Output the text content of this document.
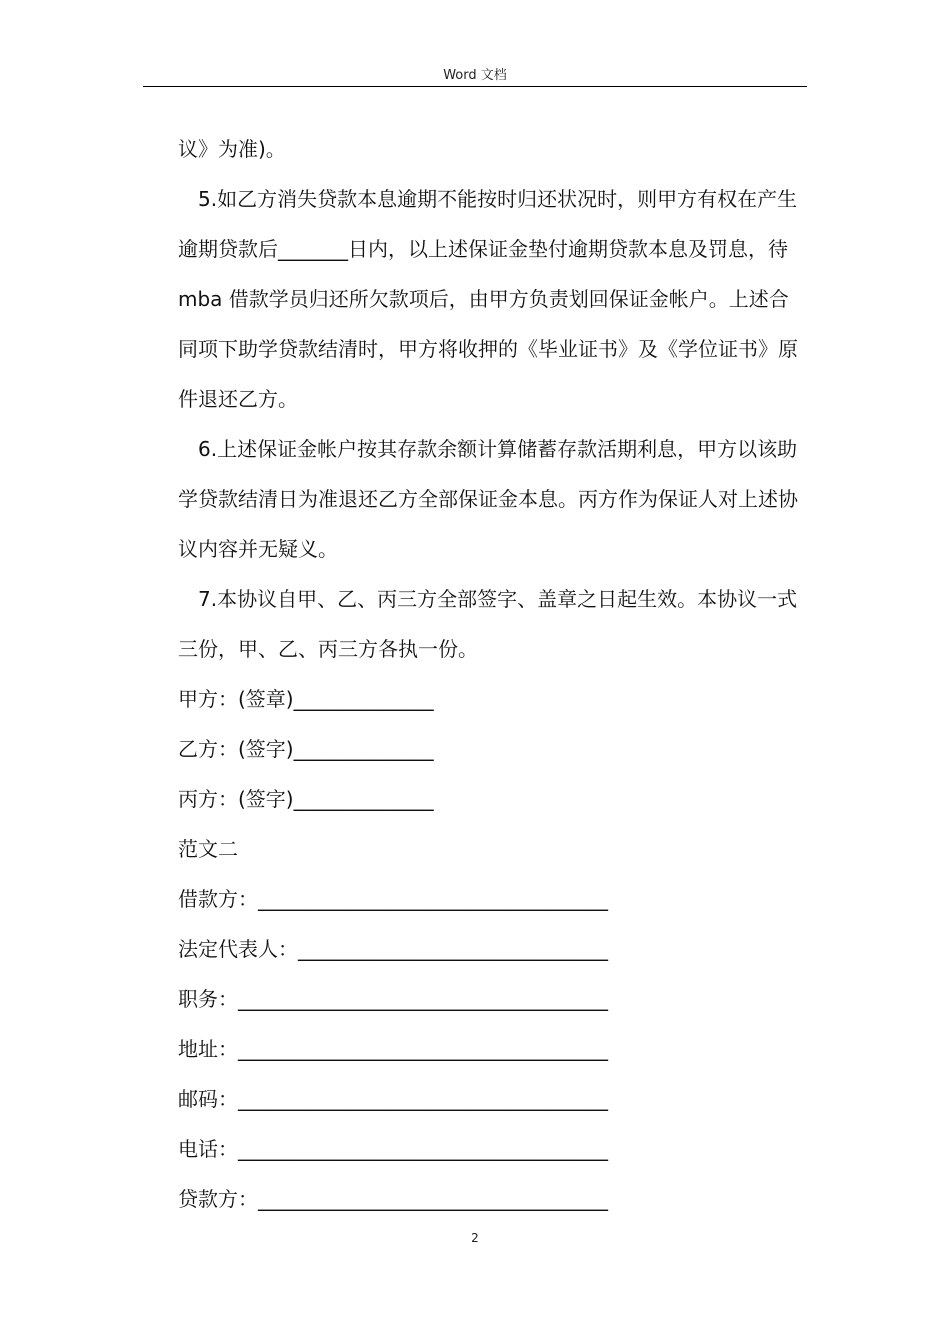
Word 文档

议》为准)。

5.如乙方消失贷款本息逾期不能按时归还状况时，则甲方有权在产生逾期贷款后_______日内，以上述保证金垫付逾期贷款本息及罚息，待 mba 借款学员归还所欠款项后，由甲方负责划回保证金帐户。上述合同项下助学贷款结清时，甲方将收押的《毕业证书》及《学位证书》原件退还乙方。

6.上述保证金帐户按其存款余额计算储蓄存款活期利息，甲方以该助学贷款结清日为准退还乙方全部保证金本息。丙方作为保证人对上述协议内容并无疑义。

7.本协议自甲、乙、丙三方全部签字、盖章之日起生效。本协议一式三份，甲、乙、丙三方各执一份。

甲方：(签章)______________

乙方：(签字)______________

丙方：(签字)______________

范文二

借款方：___________________________________

法定代表人：_______________________________

职务：_____________________________________

地址：_____________________________________

邮码：_____________________________________

电话：_____________________________________

贷款方：___________________________________

2
